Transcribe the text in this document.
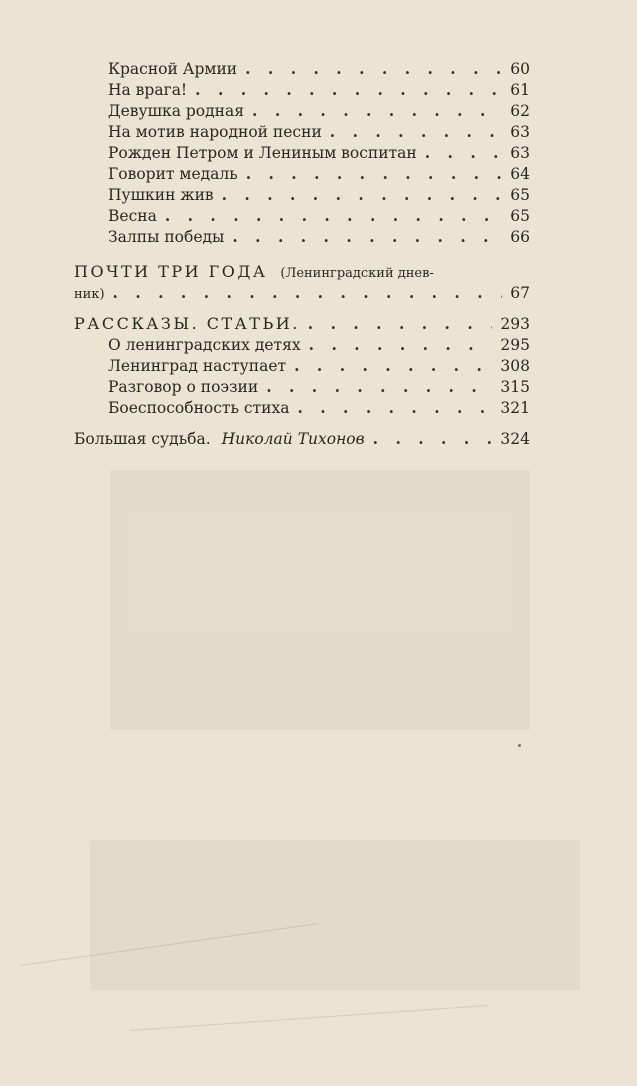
Красной Армии . . .	60
На врага! . . .	61
Девушка родная . . .	62
На мотив народной песни . . .	63
Рожден Петром и Лениным воспитан . . .	63
Говорит медаль . . .	64
Пушкин жив . . .	65
Весна . . .	65
Залпы победы . . .	66
ПОЧТИ ТРИ ГОДА (Ленинградский днев-
ник) . . .	67
РАССКАЗЫ. СТАТЬИ. . . .	293
О ленинградских детях . . .	295
Ленинград наступает . . .	308
Разговор о поэзии . . .	315
Боеспособность стиха . . .	321
Большая судьба. Николай Тихонов . . .	324
